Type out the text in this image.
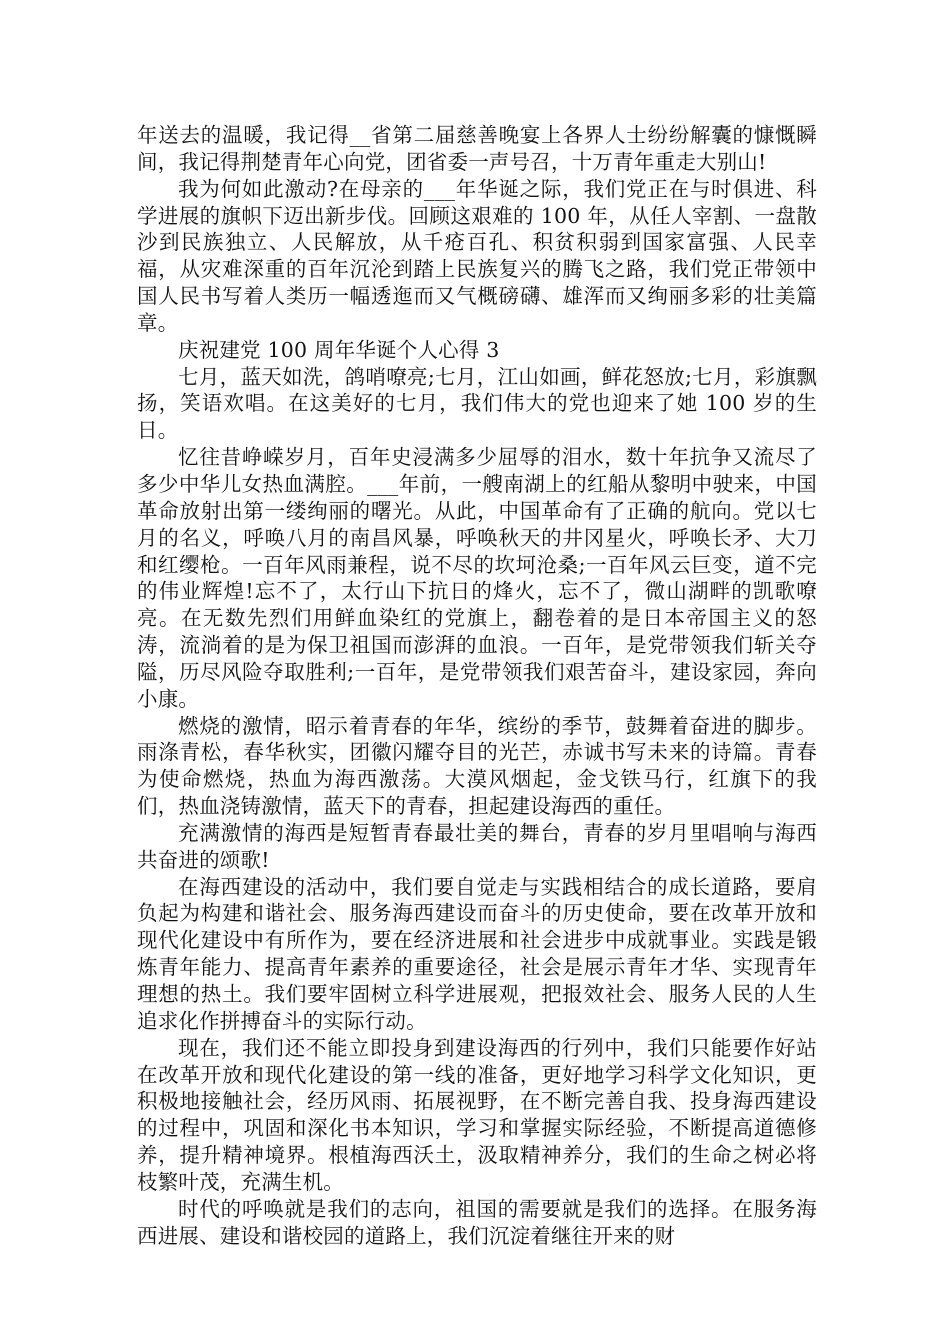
年送去的温暖，我记得__省第二届慈善晚宴上各界人士纷纷解囊的慷慨瞬间，我记得荆楚青年心向党，团省委一声号召，十万青年重走大别山!

我为何如此激动?在母亲的___年华诞之际，我们党正在与时俱进、科学进展的旗帜下迈出新步伐。回顾这艰难的 100 年，从任人宰割、一盘散沙到民族独立、人民解放，从千疮百孔、积贫积弱到国家富强、人民幸福，从灾难深重的百年沉沦到踏上民族复兴的腾飞之路，我们党正带领中国人民书写着人类历一幅透迤而又气概磅礴、雄浑而又绚丽多彩的壮美篇章。

庆祝建党 100 周年华诞个人心得 3

七月，蓝天如洗，鸽哨嘹亮;七月，江山如画，鲜花怒放;七月，彩旗飘扬，笑语欢唱。在这美好的七月，我们伟大的党也迎来了她 100 岁的生日。

忆往昔峥嵘岁月，百年史浸满多少屈辱的泪水，数十年抗争又流尽了多少中华儿女热血满腔。___年前，一艘南湖上的红船从黎明中驶来，中国革命放射出第一缕绚丽的曙光。从此，中国革命有了正确的航向。党以七月的名义，呼唤八月的南昌风暴，呼唤秋天的井冈星火，呼唤长矛、大刀和红缨枪。一百年风雨兼程，说不尽的坎坷沧桑;一百年风云巨变，道不完的伟业辉煌!忘不了，太行山下抗日的烽火，忘不了，微山湖畔的凯歌嘹亮。在无数先烈们用鲜血染红的党旗上，翻卷着的是日本帝国主义的怒涛，流淌着的是为保卫祖国而澎湃的血浪。一百年，是党带领我们斩关夺隘，历尽风险夺取胜利;一百年，是党带领我们艰苦奋斗，建设家园，奔向小康。

燃烧的激情，昭示着青春的年华，缤纷的季节，鼓舞着奋进的脚步。雨涤青松，春华秋实，团徽闪耀夺目的光芒，赤诚书写未来的诗篇。青春为使命燃烧，热血为海西激荡。大漠风烟起，金戈铁马行，红旗下的我们，热血浇铸激情，蓝天下的青春，担起建设海西的重任。

充满激情的海西是短暂青春最壮美的舞台，青春的岁月里唱响与海西共奋进的颂歌!

在海西建设的活动中，我们要自觉走与实践相结合的成长道路，要肩负起为构建和谐社会、服务海西建设而奋斗的历史使命，要在改革开放和现代化建设中有所作为，要在经济进展和社会进步中成就事业。实践是锻炼青年能力、提高青年素养的重要途径，社会是展示青年才华、实现青年理想的热土。我们要牢固树立科学进展观，把报效社会、服务人民的人生追求化作拼搏奋斗的实际行动。

现在，我们还不能立即投身到建设海西的行列中，我们只能要作好站在改革开放和现代化建设的第一线的准备，更好地学习科学文化知识，更积极地接触社会，经历风雨、拓展视野，在不断完善自我、投身海西建设的过程中，巩固和深化书本知识，学习和掌握实际经验，不断提高道德修养，提升精神境界。根植海西沃土，汲取精神养分，我们的生命之树必将枝繁叶茂，充满生机。

时代的呼唤就是我们的志向，祖国的需要就是我们的选择。在服务海西进展、建设和谐校园的道路上，我们沉淀着继往开来的财
